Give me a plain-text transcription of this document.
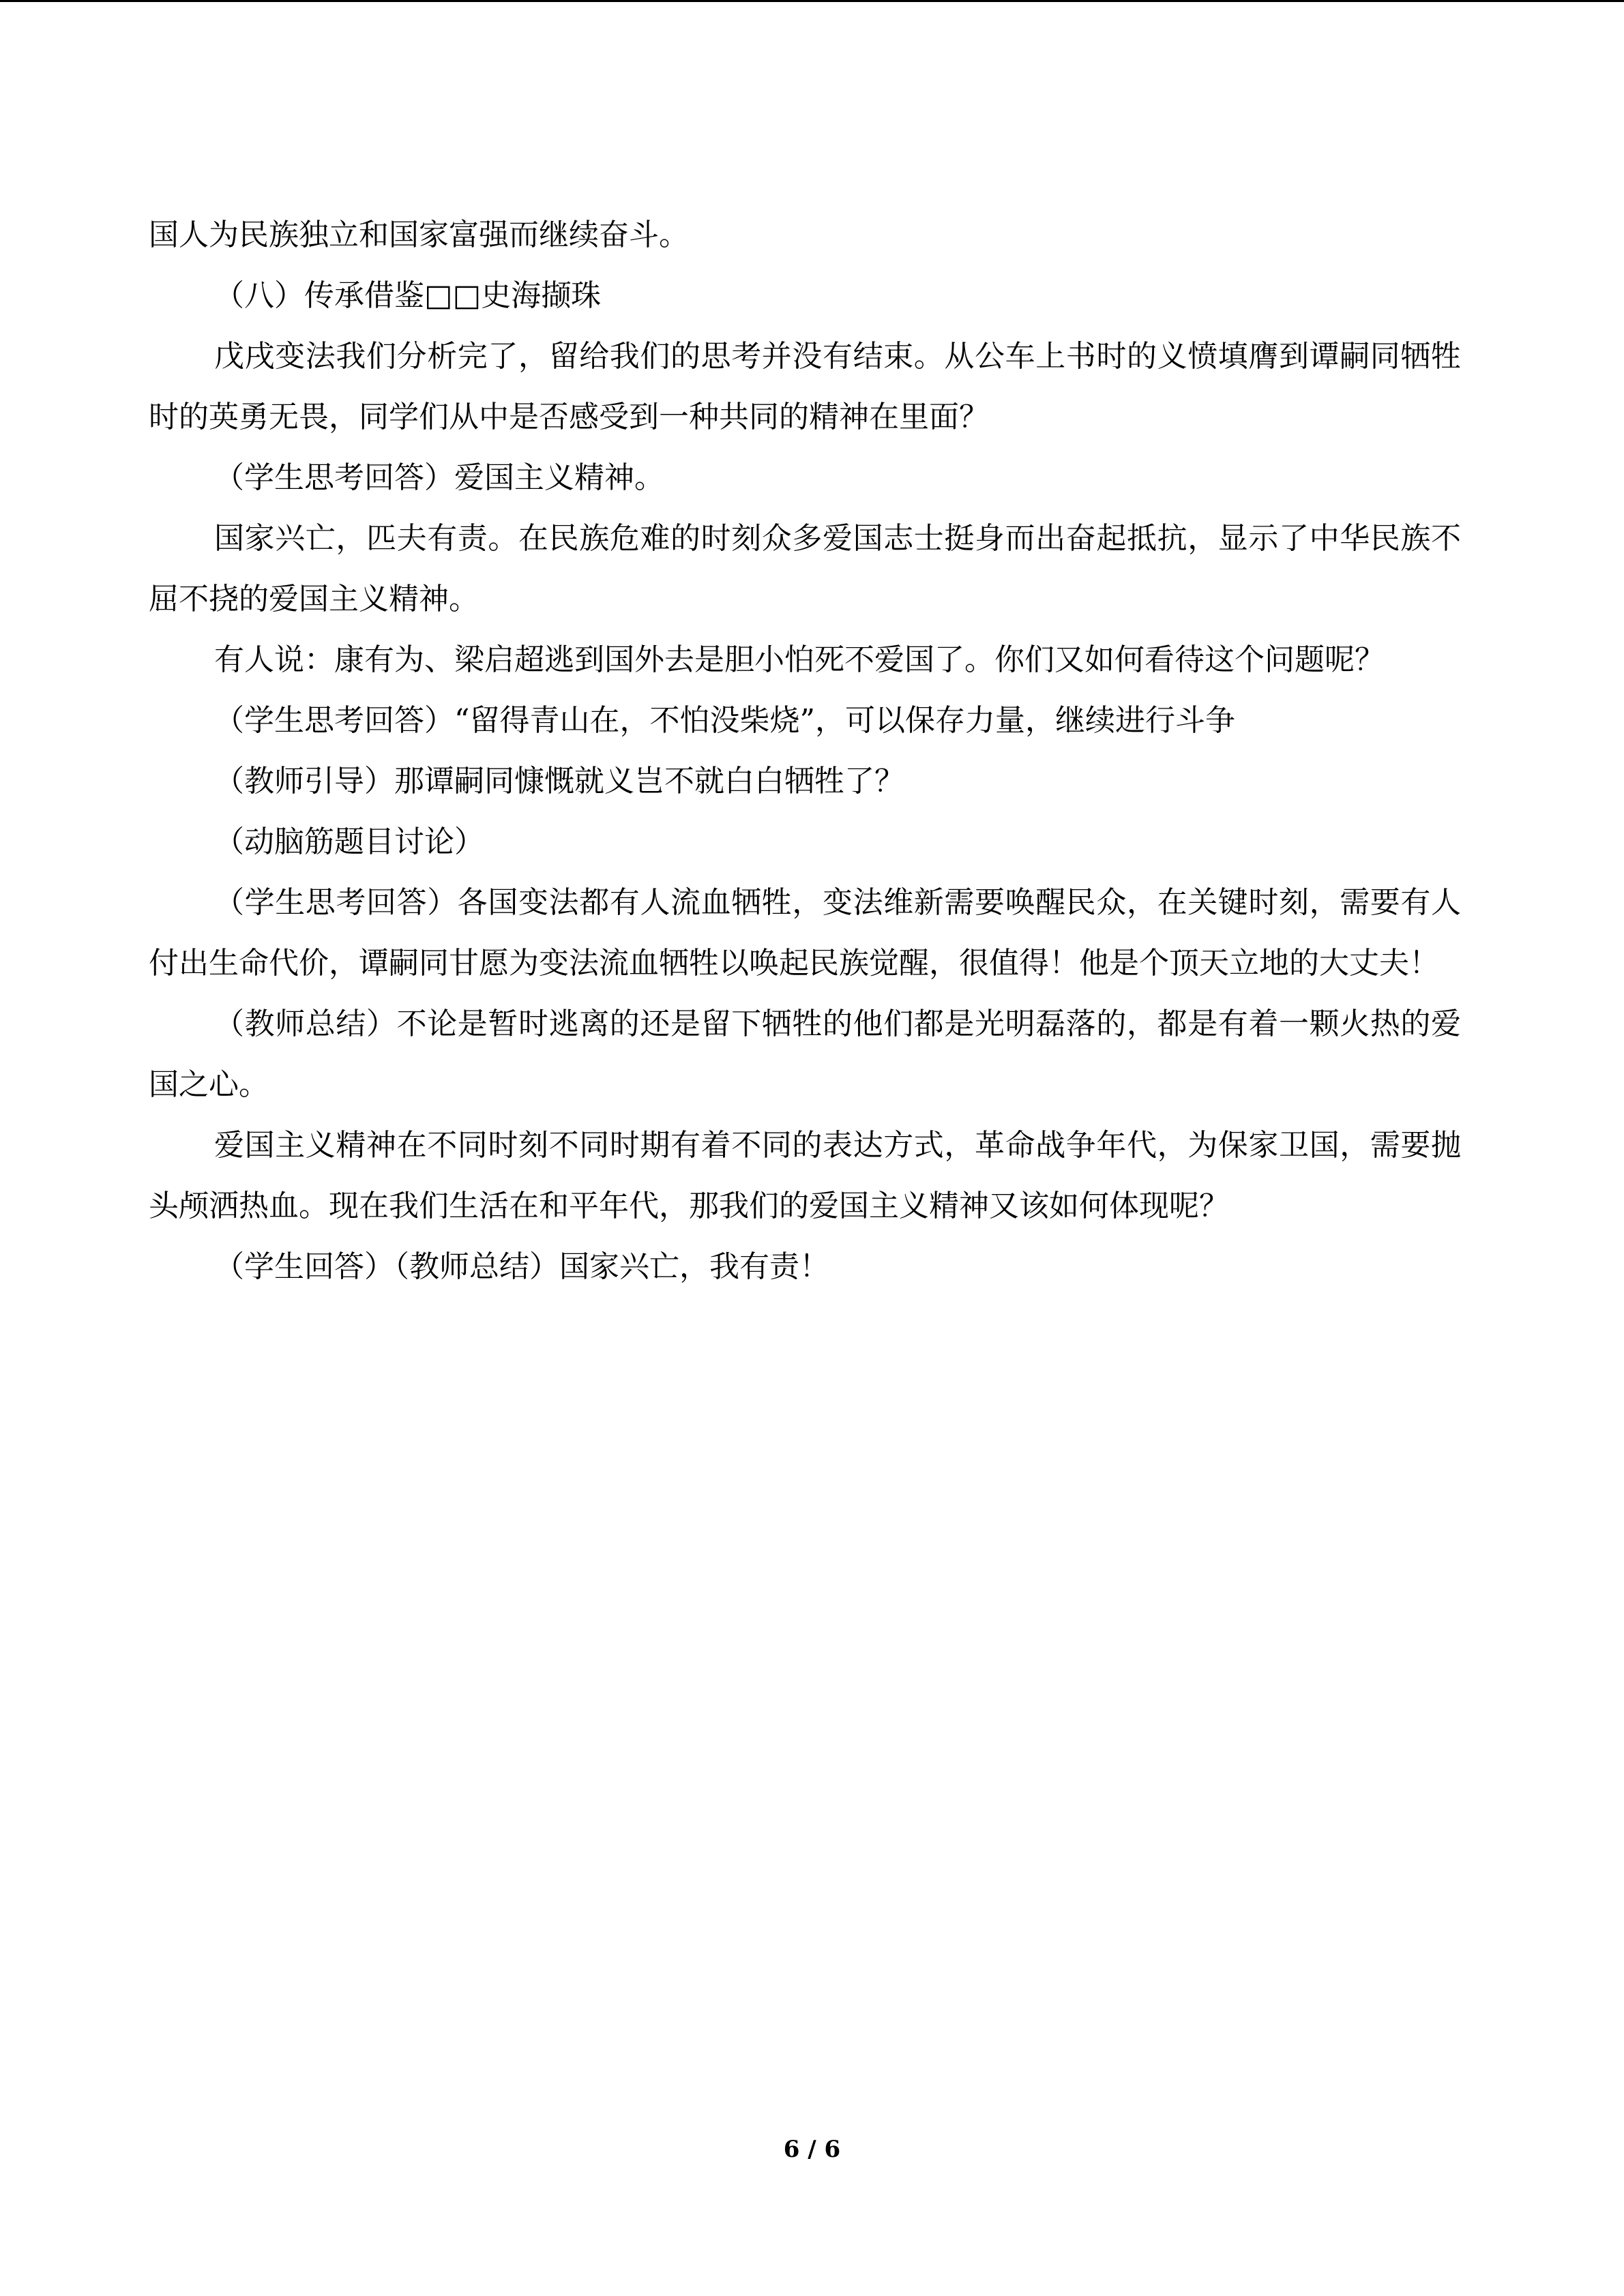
国人为民族独立和国家富强而继续奋斗。

（八）传承借鉴□□史海撷珠

戊戌变法我们分析完了，留给我们的思考并没有结束。从公车上书时的义愤填膺到谭嗣同牺牲时的英勇无畏，同学们从中是否感受到一种共同的精神在里面？

（学生思考回答）爱国主义精神。

国家兴亡，匹夫有责。在民族危难的时刻众多爱国志士挺身而出奋起抵抗，显示了中华民族不屈不挠的爱国主义精神。

有人说：康有为、梁启超逃到国外去是胆小怕死不爱国了。你们又如何看待这个问题呢？

（学生思考回答）“留得青山在，不怕没柴烧”，可以保存力量，继续进行斗争

（教师引导）那谭嗣同慷慨就义岂不就白白牺牲了？

（动脑筋题目讨论）

（学生思考回答）各国变法都有人流血牺牲，变法维新需要唤醒民众，在关键时刻，需要有人付出生命代价，谭嗣同甘愿为变法流血牺牲以唤起民族觉醒，很值得！他是个顶天立地的大丈夫！

（教师总结）不论是暂时逃离的还是留下牺牲的他们都是光明磊落的，都是有着一颗火热的爱国之心。

爱国主义精神在不同时刻不同时期有着不同的表达方式，革命战争年代，为保家卫国，需要抛头颅洒热血。现在我们生活在和平年代，那我们的爱国主义精神又该如何体现呢？

（学生回答）（教师总结）国家兴亡，我有责！

6 / 6
